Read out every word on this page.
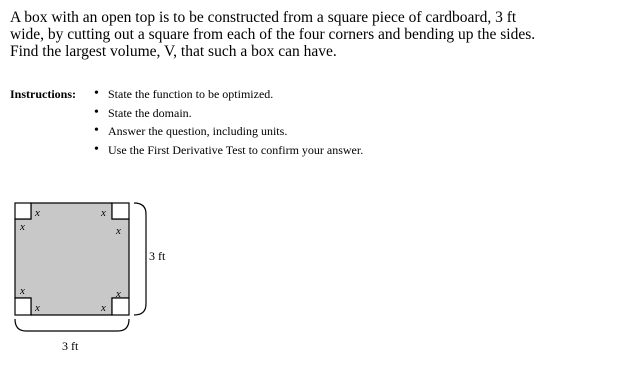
A box with an open top is to be constructed from a square piece of cardboard, 3 ft
wide, by cutting out a square from each of the four corners and bending up the sides.
Find the largest volume, V, that such a box can have.
Instructions: • State the function to be optimized.
• State the domain.
• Answer the question, including units.
• Use the First Derivative Test to confirm your answer.
x
x
x
x
x
x
x
x
3 ft
3 ft
